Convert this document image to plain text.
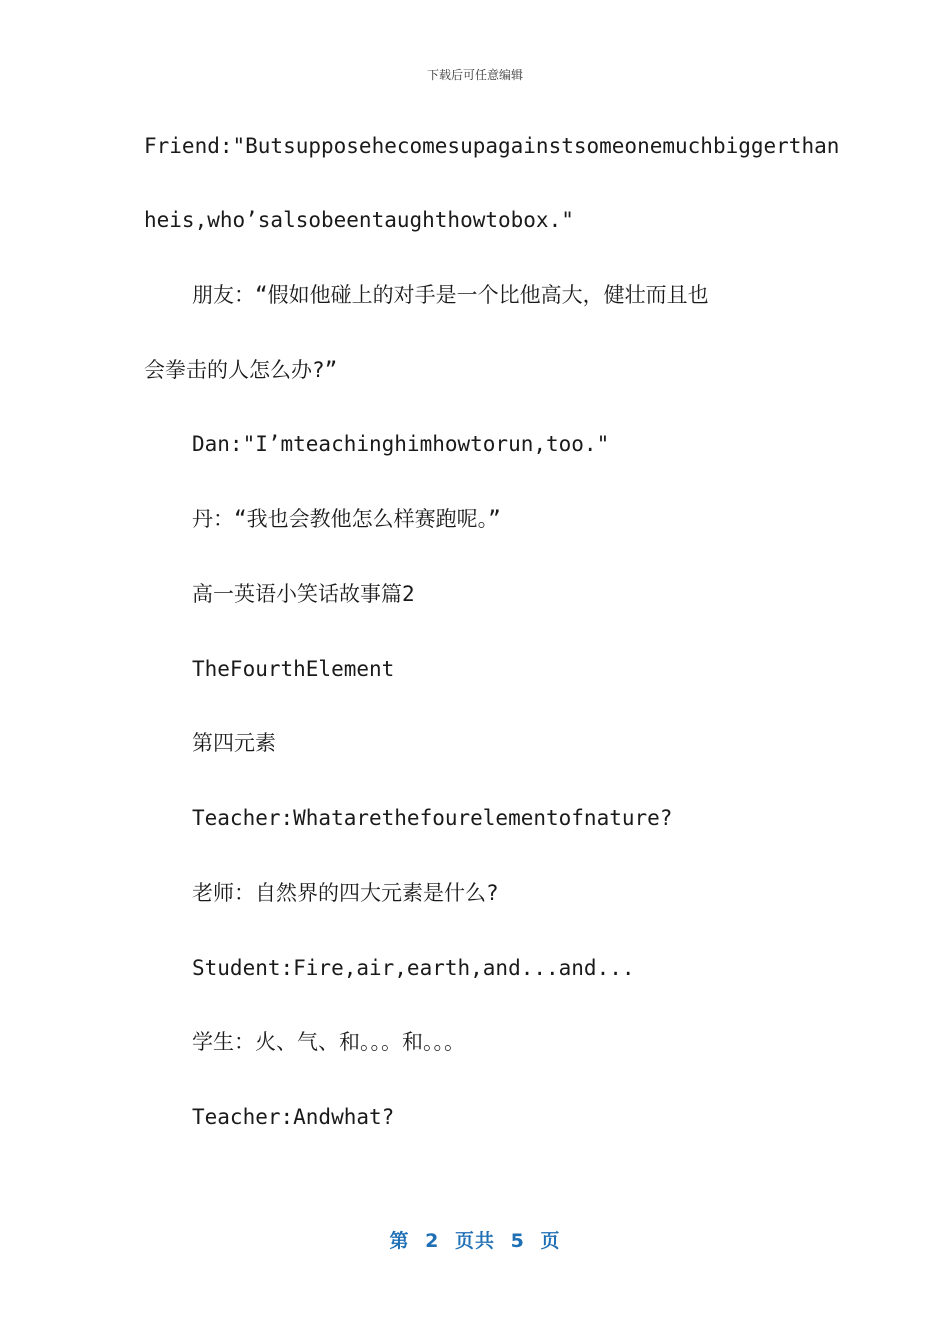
下载后可任意编辑
Friend:"Butsupposehecomesupagainstsomeonemuchbiggerthan
heis,who’salsobeentaughthowtobox."
朋友：“假如他碰上的对手是一个比他高大，健壮而且也
会拳击的人怎么办?”
Dan:"I’mteachinghimhowtorun,too."
丹：“我也会教他怎么样赛跑呢。”
高一英语小笑话故事篇2
TheFourthElement
第四元素
Teacher:Whatarethefourelementofnature?
老师：自然界的四大元素是什么?
Student:Fire,air,earth,and...and...
学生：火、气、和。。。和。。。
Teacher:Andwhat?
第 2 页共 5 页
